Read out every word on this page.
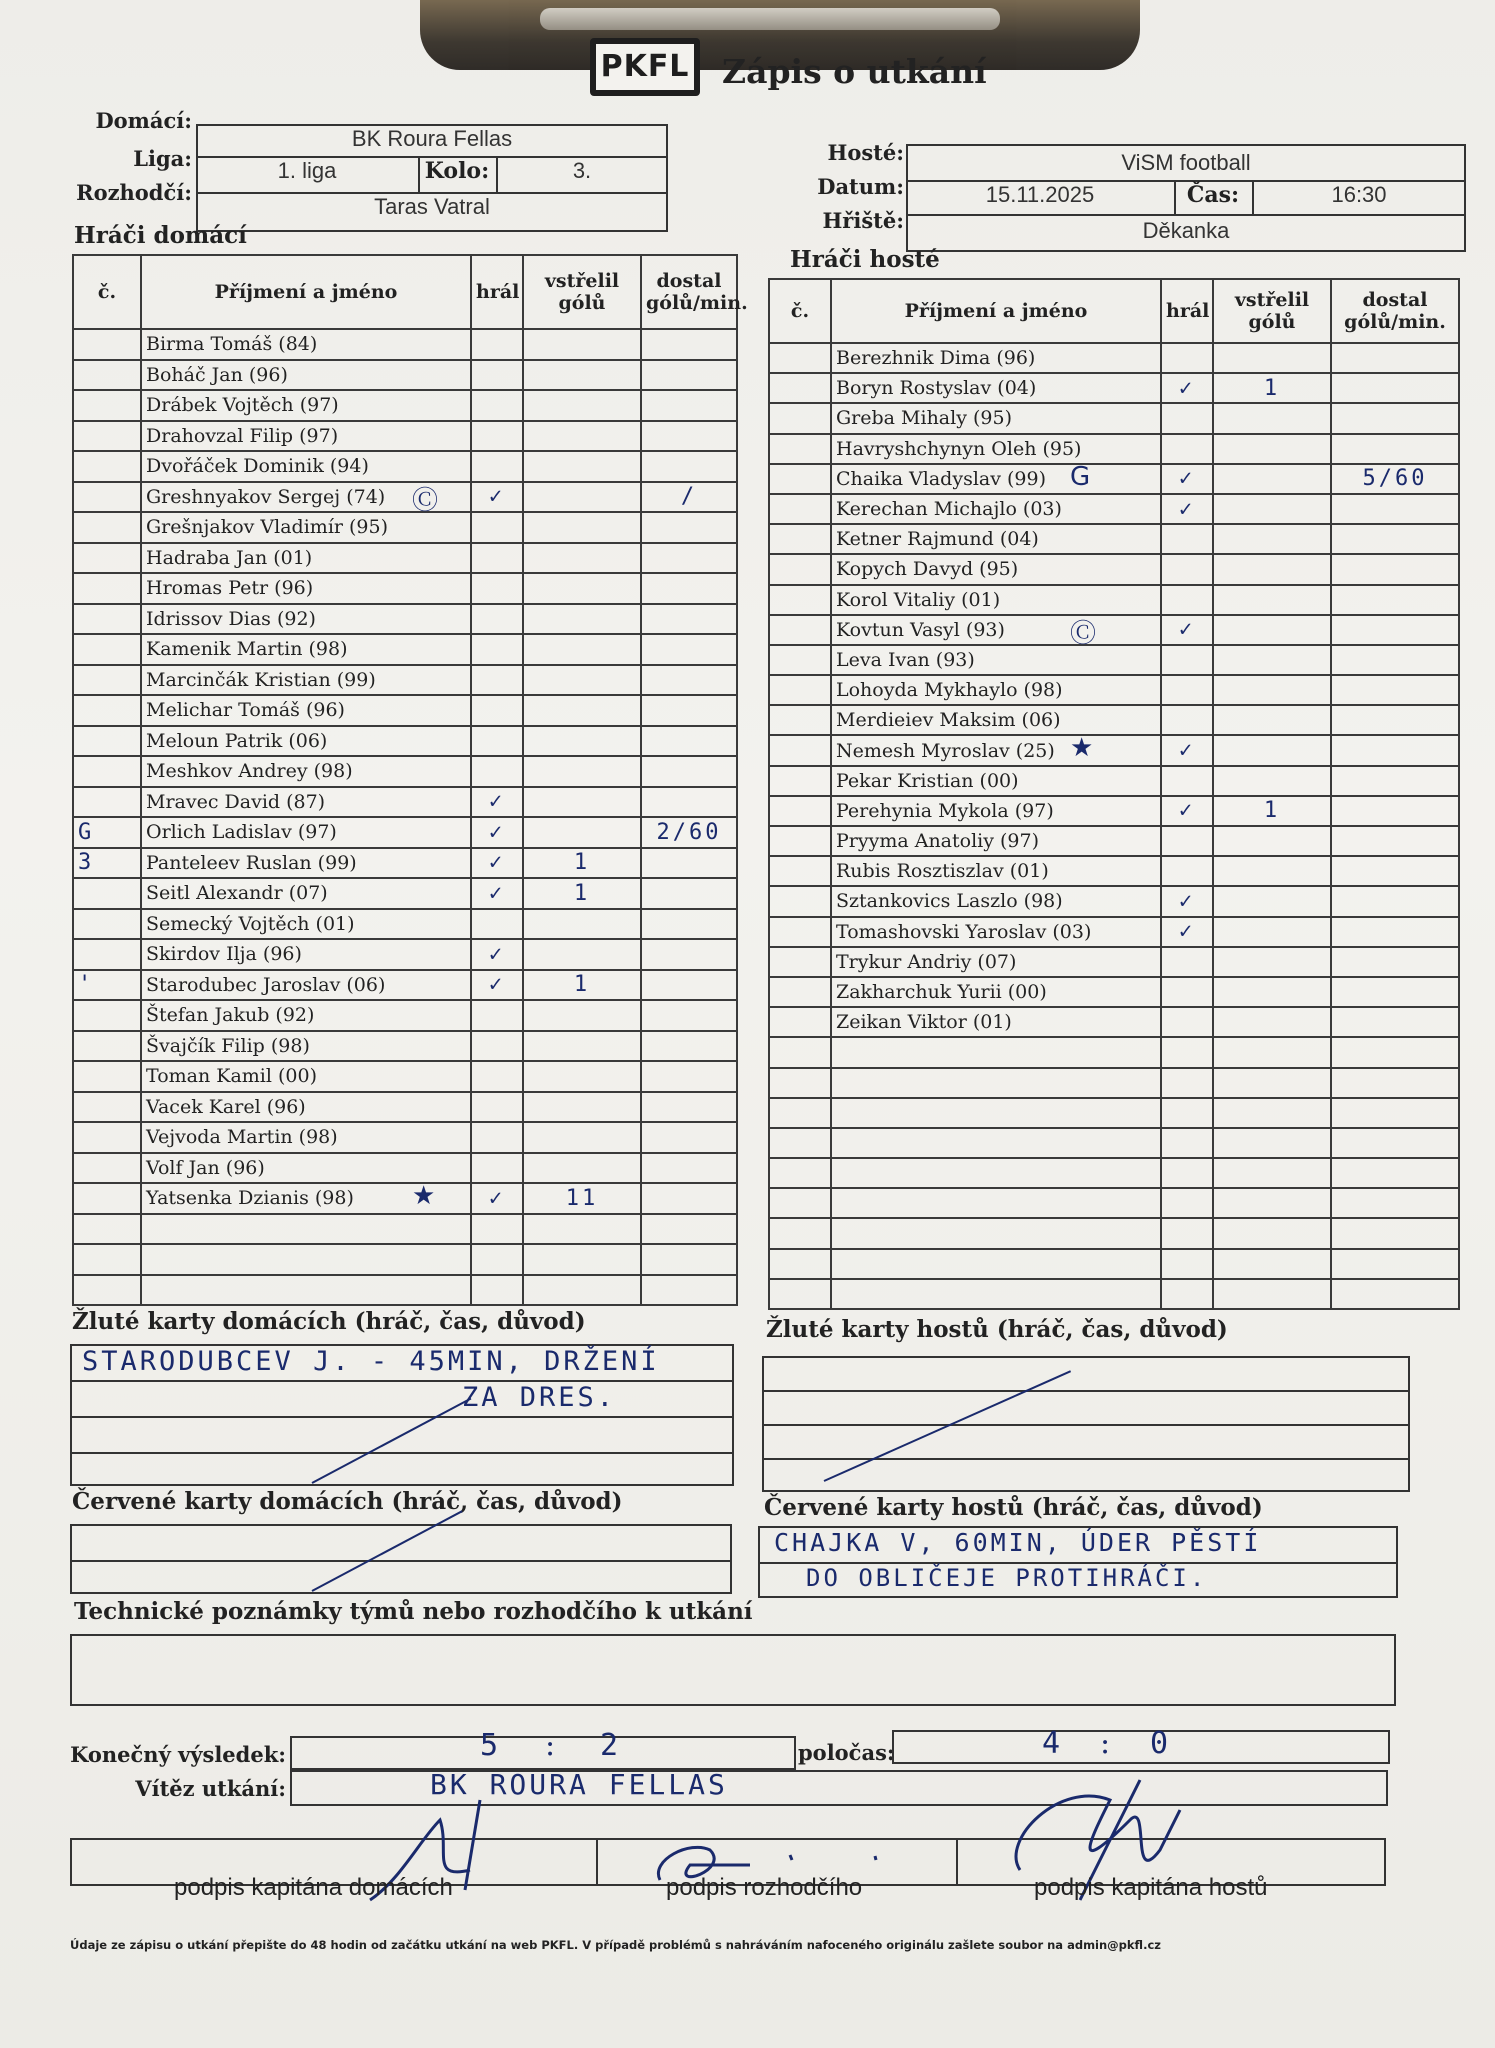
PKFL Zápis o utkání
Domácí:
Liga:
Rozhodčí:
BK Roura Fellas
1. liga	Kolo:	3.
Taras Vatral
Hosté:
Datum:
Hřiště:
ViSM football
15.11.2025	Čas:	16:30
Děkanka
Hráči domácí
Hráči hosté
č.	Příjmení a jméno	hrál	vstřelil gólů	dostal gólů/min.
	Birma Tomáš (84)

	Boháč Jan (96)

	Drábek Vojtěch (97)

	Drahovzal Filip (97)

	Dvořáček Dominik (94)

	Greshnyakov Sergej (74) Ⓒ	✓		/
	Grešnjakov Vladimír (95)

	Hadraba Jan (01)

	Hromas Petr (96)

	Idrissov Dias (92)

	Kamenik Martin (98)

	Marcinčák Kristian (99)

	Melichar Tomáš (96)

	Meloun Patrik (06)

	Meshkov Andrey (98)

	Mravec David (87)	✓		
G	Orlich Ladislav (97)	✓		2/60
3	Panteleev Ruslan (99)	✓	1	
	Seitl Alexandr (07)	✓	1	
	Semecký Vojtěch (01)

	Skirdov Ilja (96)	✓		
'	Starodubec Jaroslav (06)	✓	1	
	Štefan Jakub (92)

	Švajčík Filip (98)

	Toman Kamil (00)

	Vacek Karel (96)

	Vejvoda Martin (98)

	Volf Jan (96)

	Yatsenka Dzianis (98) ★	✓	11	

č.	Příjmení a jméno	hrál	vstřelil gólů	dostal gólů/min.
	Berezhnik Dima (96)

	Boryn Rostyslav (04)	✓	1	
	Greba Mihaly (95)

	Havryshchynyn Oleh (95)

	Chaika Vladyslav (99) G	✓		5/60
	Kerechan Michajlo (03)	✓		
	Ketner Rajmund (04)

	Kopych Davyd (95)

	Korol Vitaliy (01)

	Kovtun Vasyl (93) Ⓒ	✓		
	Leva Ivan (93)

	Lohoyda Mykhaylo (98)

	Merdieiev Maksim (06)

	Nemesh Myroslav (25) ★	✓		
	Pekar Kristian (00)

	Perehynia Mykola (97)	✓	1	
	Pryyma Anatoliy (97)

	Rubis Rosztiszlav (01)

	Sztankovics Laszlo (98)	✓		
	Tomashovski Yaroslav (03)	✓		
	Trykur Andriy (07)

	Zakharchuk Yurii (00)

	Zeikan Viktor (01)

Žluté karty domácích (hráč, čas, důvod)
STARODUBCEV J. - 45MIN, DRŽENÍ
ZA DRES.
Žluté karty hostů (hráč, čas, důvod)
Červené karty domácích (hráč, čas, důvod)	Červené karty hostů (hráč, čas, důvod)
CHAJKA V, 60MIN, ÚDER PĚSTÍ
DO OBLIČEJE PROTIHRÁČI.
Technické poznámky týmů nebo rozhodčího k utkání
Konečný výsledek:	5 : 2	poločas:	4 : 0
Vítěz utkání:	BK ROURA FELLAS
podpis kapitána domácích	podpis rozhodčího	podpis kapitána hostů
Údaje ze zápisu o utkání přepište do 48 hodin od začátku utkání na web PKFL. V případě problémů s nahráváním nafoceného originálu zašlete soubor na admin@pkfl.cz
